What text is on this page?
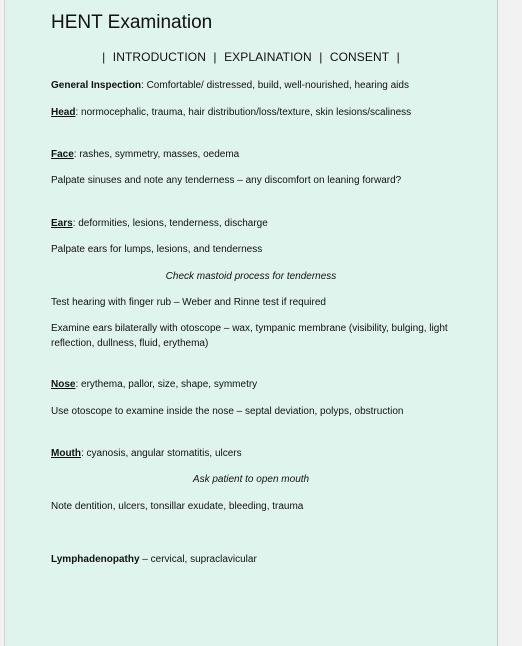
HENT Examination
| INTRODUCTION | EXPLAINATION | CONSENT |

General Inspection: Comfortable/ distressed, build, well-nourished, hearing aids

Head: normocephalic, trauma, hair distribution/loss/texture, skin lesions/scaliness

Face: rashes, symmetry, masses, oedema

Palpate sinuses and note any tenderness – any discomfort on leaning forward?

Ears: deformities, lesions, tenderness, discharge

Palpate ears for lumps, lesions, and tenderness

Check mastoid process for tenderness

Test hearing with finger rub – Weber and Rinne test if required

Examine ears bilaterally with otoscope – wax, tympanic membrane (visibility, bulging, light reflection, dullness, fluid, erythema)

Nose: erythema, pallor, size, shape, symmetry

Use otoscope to examine inside the nose – septal deviation, polyps, obstruction

Mouth: cyanosis, angular stomatitis, ulcers

Ask patient to open mouth

Note dentition, ulcers, tonsillar exudate, bleeding, trauma

Lymphadenopathy – cervical, supraclavicular
